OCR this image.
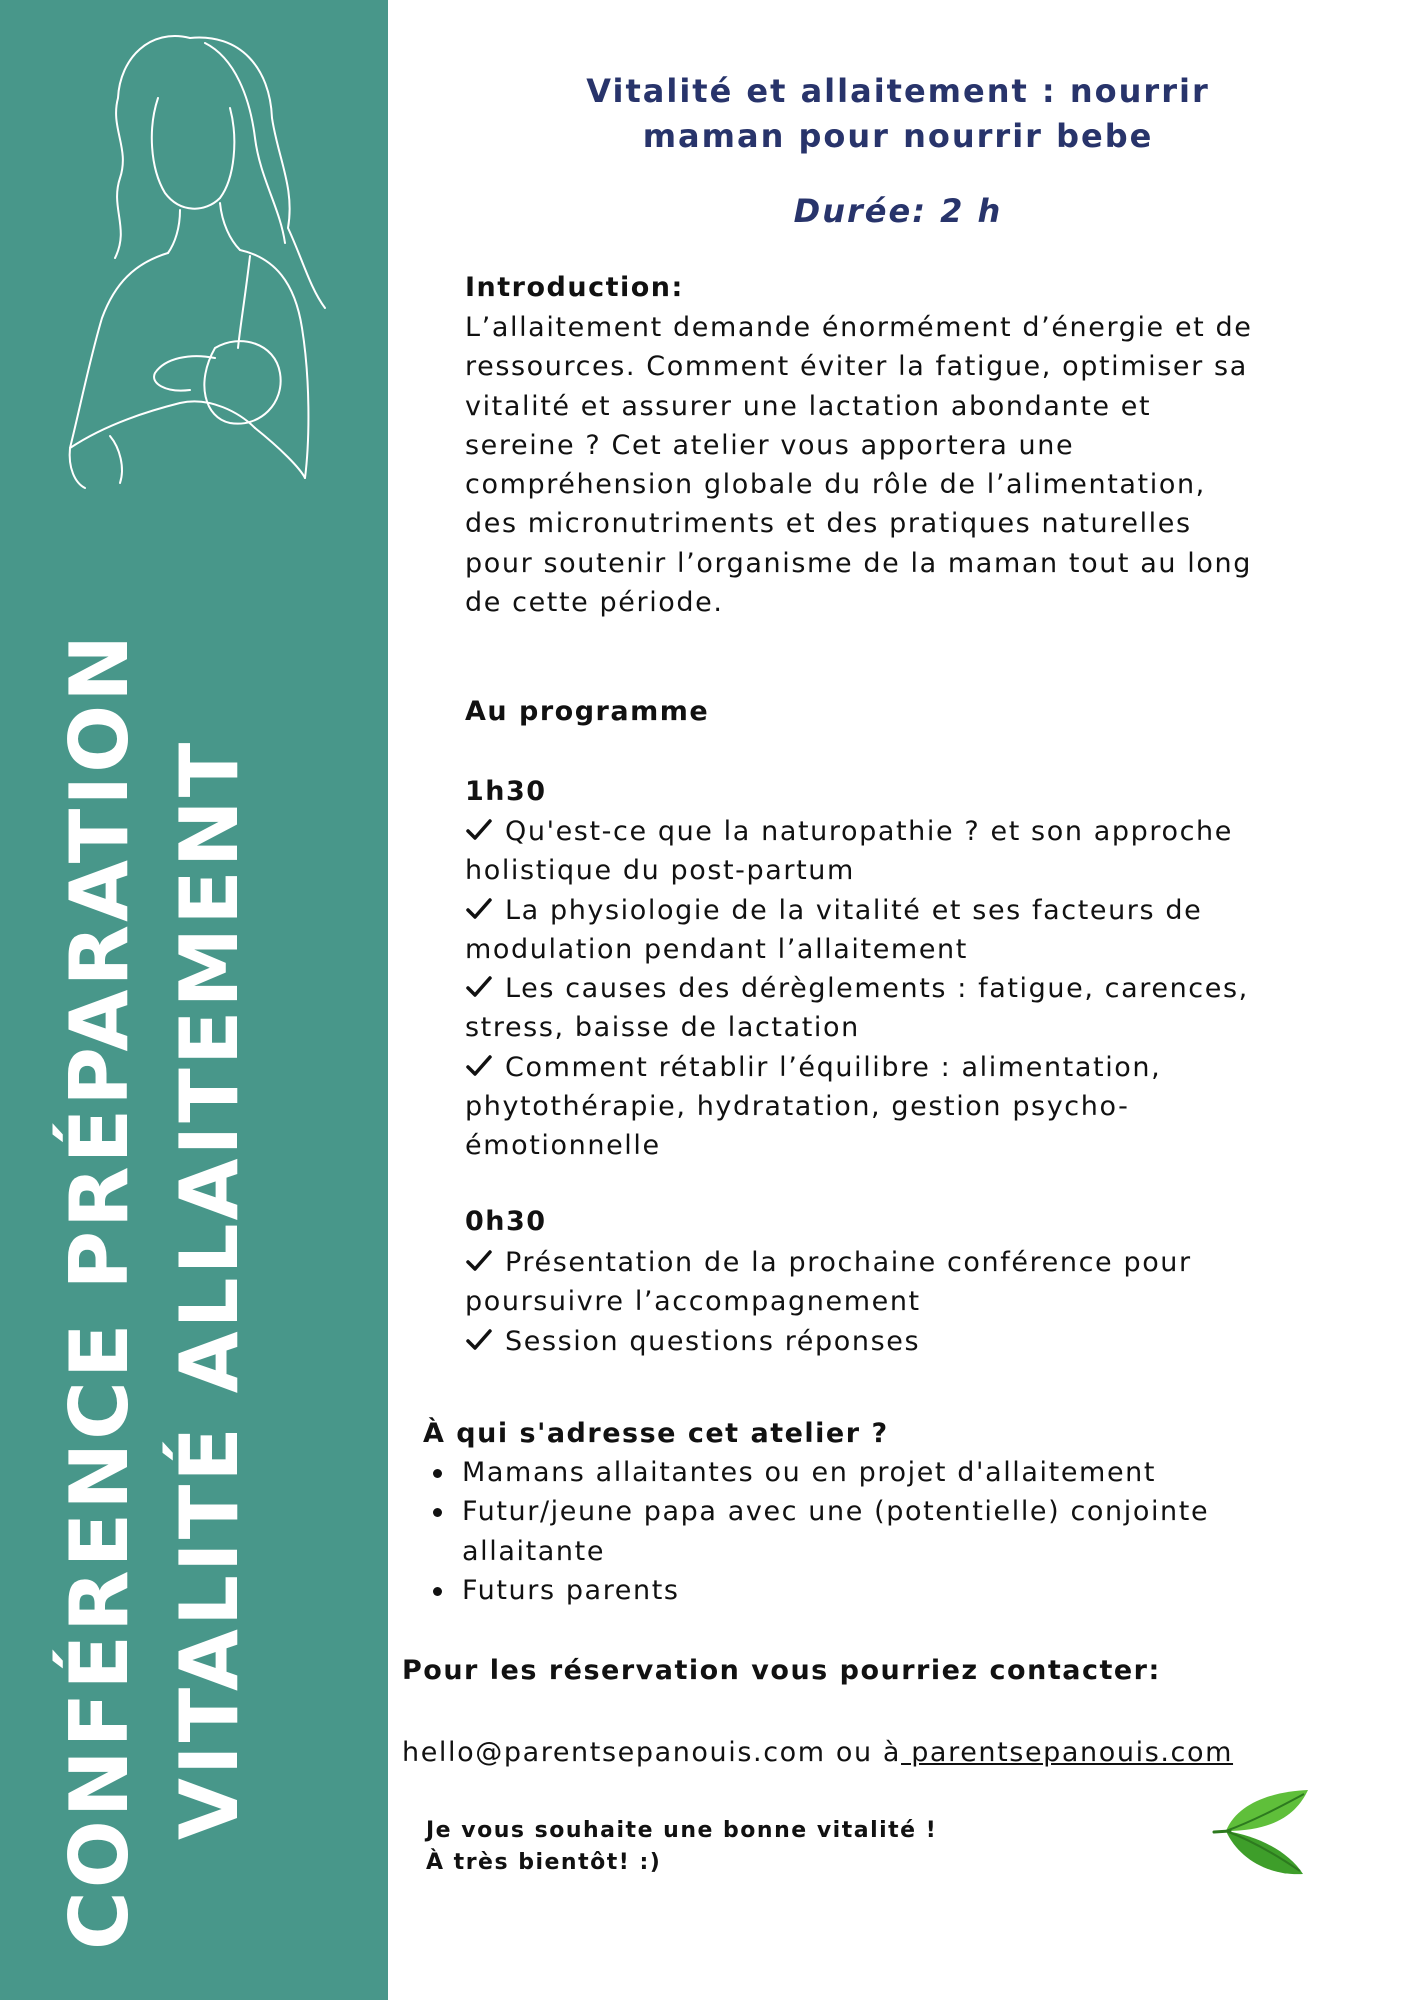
CONFÉRENCE PRÉPARATION VITALITÉ ALLAITEMENT
Vitalité et allaitement : nourrir
maman pour nourrir bebe
Durée: 2 h
Introduction:
L’allaitement demande énormément d’énergie et de
ressources. Comment éviter la fatigue, optimiser sa
vitalité et assurer une lactation abondante et
sereine ? Cet atelier vous apportera une
compréhension globale du rôle de l’alimentation,
des micronutriments et des pratiques naturelles
pour soutenir l’organisme de la maman tout au long
de cette période.
Au programme
1h30
Qu'est-ce que la naturopathie ? et son approche
holistique du post-partum
La physiologie de la vitalité et ses facteurs de
modulation pendant l’allaitement
Les causes des dérèglements : fatigue, carences,
stress, baisse de lactation
Comment rétablir l’équilibre : alimentation,
phytothérapie, hydratation, gestion psycho-
émotionnelle
0h30
Présentation de la prochaine conférence pour
poursuivre l’accompagnement
Session questions réponses
À qui s'adresse cet atelier ?
Mamans allaitantes ou en projet d'allaitement
Futur/jeune papa avec une (potentielle) conjointe allaitante
Futurs parents
Pour les réservation vous pourriez contacter:
hello@parentsepanouis.com ou à parentsepanouis.com
Je vous souhaite une bonne vitalité !
À très bientôt! :)
